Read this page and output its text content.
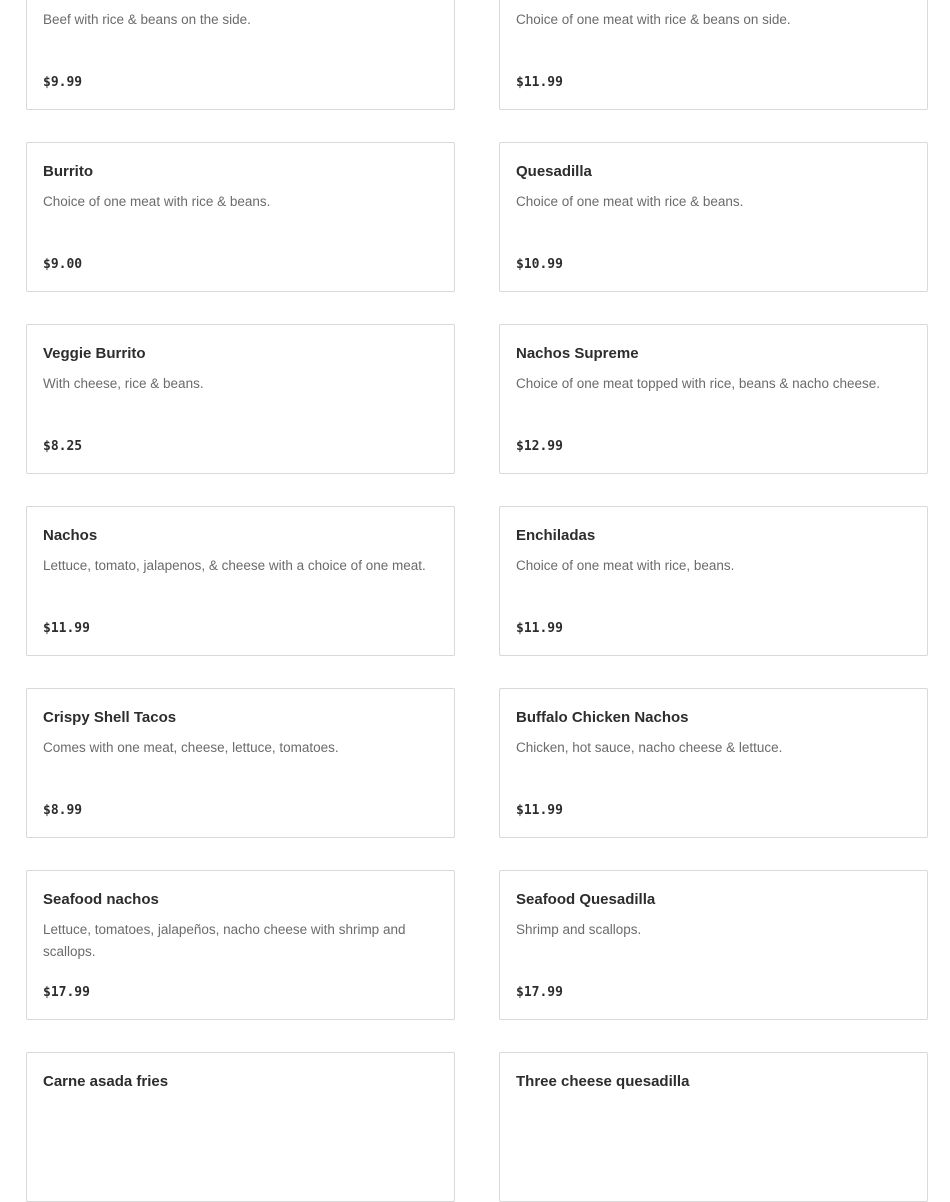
Beef with rice & beans on the side.
$9.99
Choice of one meat with rice & beans on side.
$11.99
Burrito
Choice of one meat with rice & beans.
$9.00
Quesadilla
Choice of one meat with rice & beans.
$10.99
Veggie Burrito
With cheese, rice & beans.
$8.25
Nachos Supreme
Choice of one meat topped with rice, beans & nacho cheese.
$12.99
Nachos
Lettuce, tomato, jalapenos, & cheese with a choice of one meat.
$11.99
Enchiladas
Choice of one meat with rice, beans.
$11.99
Crispy Shell Tacos
Comes with one meat, cheese, lettuce, tomatoes.
$8.99
Buffalo Chicken Nachos
Chicken, hot sauce, nacho cheese & lettuce.
$11.99
Seafood nachos
Lettuce, tomatoes, jalapeños, nacho cheese with shrimp and scallops.
$17.99
Seafood Quesadilla
Shrimp and scallops.
$17.99
Carne asada fries	Three cheese quesadilla
